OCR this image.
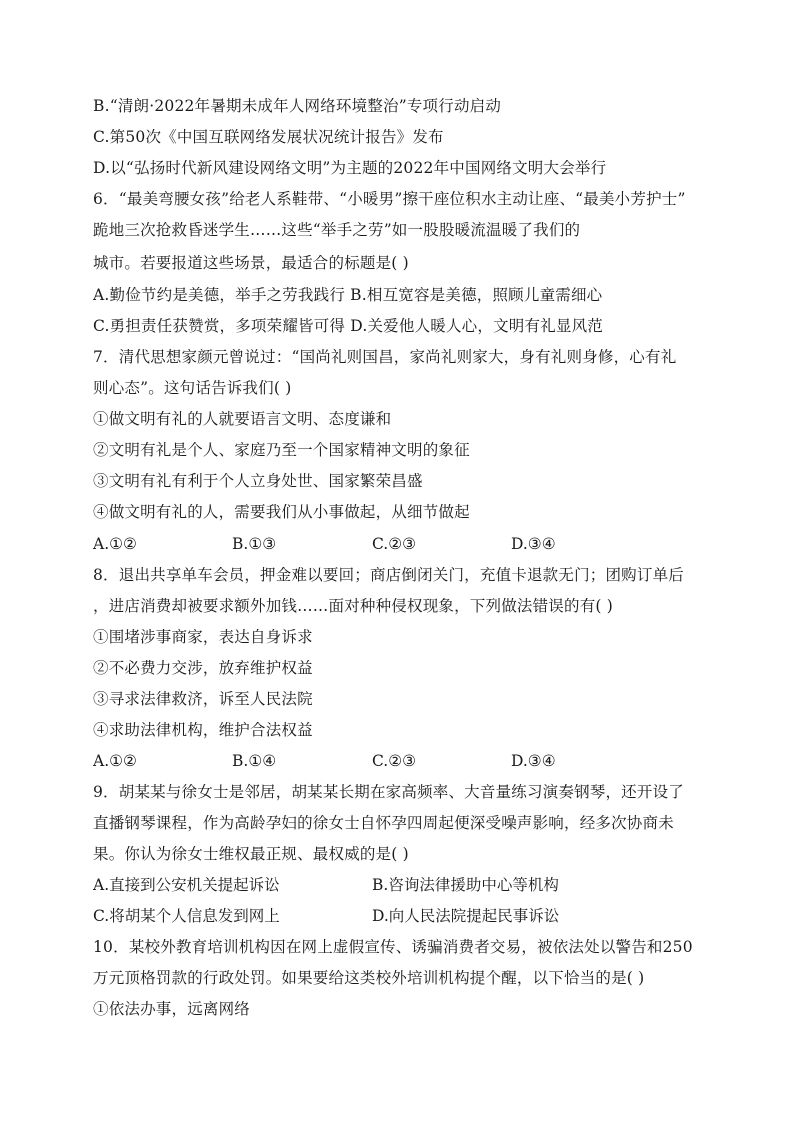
B.“清朗·2022年暑期未成年人网络环境整治”专项行动启动
C.第50次《中国互联网络发展状况统计报告》发布
D.以“弘扬时代新风建设网络文明”为主题的2022年中国网络文明大会举行
6．“最美弯腰女孩”给老人系鞋带、“小暖男”擦干座位积水主动让座、“最美小芳护士”
跪地三次抢救昏迷学生……这些“举手之劳”如一股股暖流温暖了我们的
城市。若要报道这些场景，最适合的标题是( )
A.勤俭节约是美德，举手之劳我践行 B.相互宽容是美德，照顾儿童需细心
C.勇担责任获赞赏，多项荣耀皆可得 D.关爱他人暖人心，文明有礼显风范
7．清代思想家颜元曾说过：“国尚礼则国昌，家尚礼则家大，身有礼则身修，心有礼
则心态”。这句话告诉我们( )
①做文明有礼的人就要语言文明、态度谦和
②文明有礼是个人、家庭乃至一个国家精神文明的象征
③文明有礼有利于个人立身处世、国家繁荣昌盛
④做文明有礼的人，需要我们从小事做起，从细节做起
A.①②	B.①③	C.②③	D.③④
8．退出共享单车会员，押金难以要回；商店倒闭关门，充值卡退款无门；团购订单后
，进店消费却被要求额外加钱……面对种种侵权现象，下列做法错误的有( )
①围堵涉事商家，表达自身诉求
②不必费力交涉，放弃维护权益
③寻求法律救济，诉至人民法院
④求助法律机构，维护合法权益
A.①②	B.①④	C.②③	D.③④
9．胡某某与徐女士是邻居，胡某某长期在家高频率、大音量练习演奏钢琴，还开设了
直播钢琴课程，作为高龄孕妇的徐女士自怀孕四周起便深受噪声影响，经多次协商未
果。你认为徐女士维权最正规、最权威的是( )
A.直接到公安机关提起诉讼	B.咨询法律援助中心等机构
C.将胡某个人信息发到网上	D.向人民法院提起民事诉讼
10．某校外教育培训机构因在网上虚假宣传、诱骗消费者交易，被依法处以警告和250
万元顶格罚款的行政处罚。如果要给这类校外培训机构提个醒，以下恰当的是( )
①依法办事，远离网络
